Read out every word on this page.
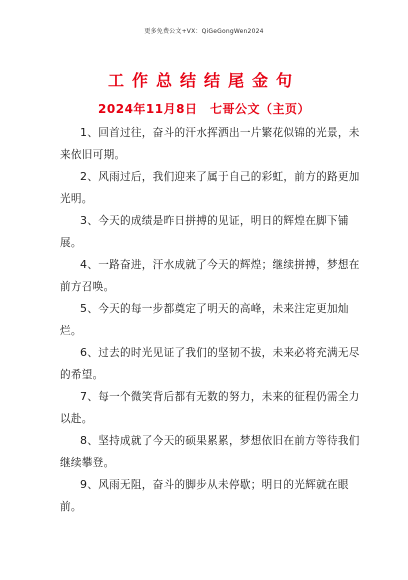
更多免费公文+VX：QiGeGongWen2024
工作总结结尾金句
2024年11月8日　七哥公文（主页）
1、回首过往，奋斗的汗水挥洒出一片繁花似锦的光景，未来依旧可期。
2、风雨过后，我们迎来了属于自己的彩虹，前方的路更加光明。
3、今天的成绩是昨日拼搏的见证，明日的辉煌在脚下铺展。
4、一路奋进，汗水成就了今天的辉煌；继续拼搏，梦想在前方召唤。
5、今天的每一步都奠定了明天的高峰，未来注定更加灿烂。
6、过去的时光见证了我们的坚韧不拔，未来必将充满无尽的希望。
7、每一个微笑背后都有无数的努力，未来的征程仍需全力以赴。
8、坚持成就了今天的硕果累累，梦想依旧在前方等待我们继续攀登。
9、风雨无阻，奋斗的脚步从未停歇；明日的光辉就在眼前。
